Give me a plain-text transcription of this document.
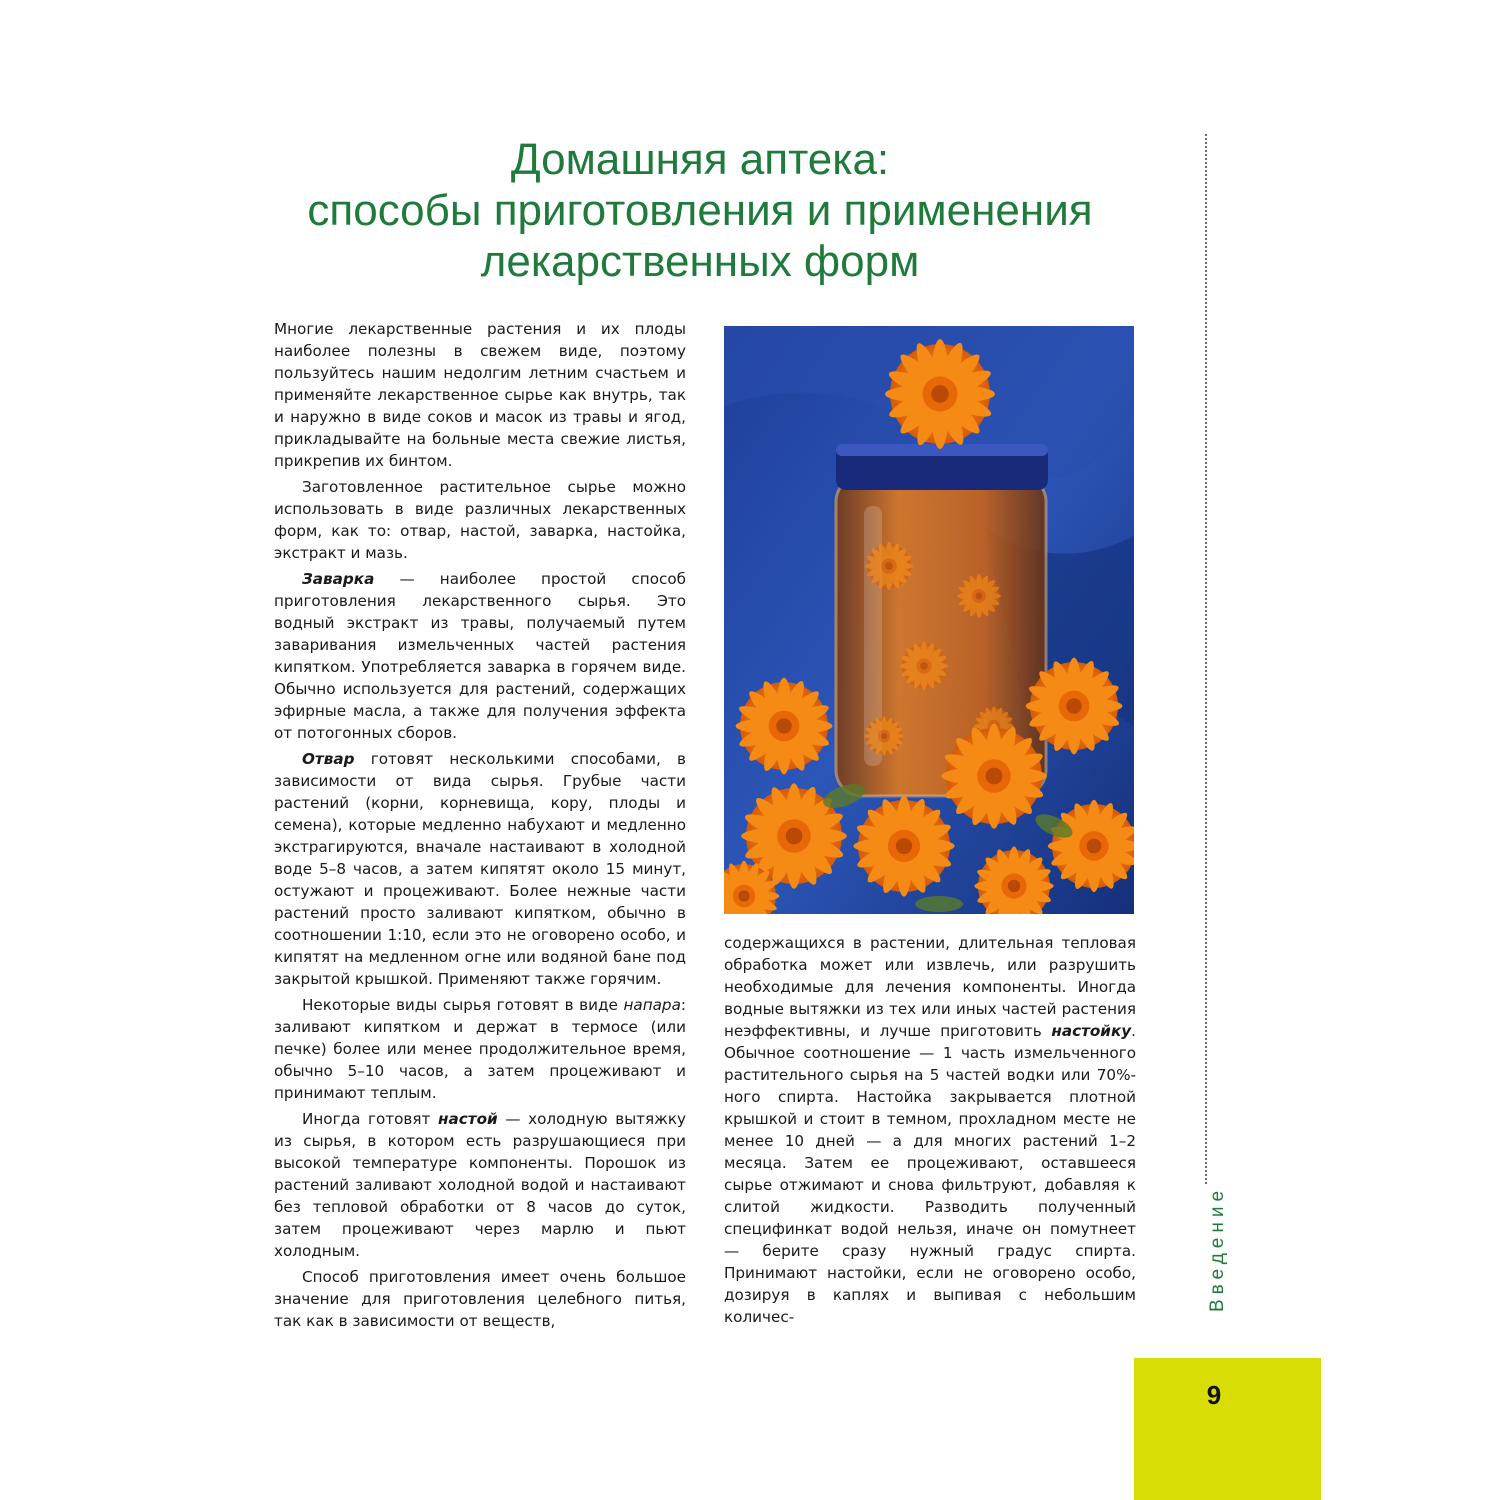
Домашняя аптека:
способы приготовления и применения
лекарственных форм

Многие лекарственные растения и их плоды наиболее полезны в свежем виде, поэтому пользуйтесь нашим недолгим летним счастьем и применяйте лекарственное сырье как внутрь, так и наружно в виде соков и масок из травы и ягод, прикладывайте на больные места свежие листья, прикрепив их бинтом.

Заготовленное растительное сырье можно использовать в виде различных лекарственных форм, как то: отвар, настой, заварка, настойка, экстракт и мазь.

Заварка — наиболее простой способ приготовления лекарственного сырья. Это водный экстракт из травы, получаемый путем заваривания измельченных частей растения кипятком. Употребляется заварка в горячем виде. Обычно используется для растений, содержащих эфирные масла, а также для получения эффекта от потогонных сборов.

Отвар готовят несколькими способами, в зависимости от вида сырья. Грубые части растений (корни, корневища, кору, плоды и семена), которые медленно набухают и медленно экстрагируются, вначале настаивают в холодной воде 5–8 часов, а затем кипятят около 15 минут, остужают и процеживают. Более нежные части растений просто заливают кипятком, обычно в соотношении 1:10, если это не оговорено особо, и кипятят на медленном огне или водяной бане под закрытой крышкой. Применяют также горячим.

Некоторые виды сырья готовят в виде напара: заливают кипятком и держат в термосе (или печке) более или менее продолжительное время, обычно 5–10 часов, а затем процеживают и принимают теплым.

Иногда готовят настой — холодную вытяжку из сырья, в котором есть разрушающиеся при высокой температуре компоненты. Порошок из растений заливают холодной водой и настаивают без тепловой обработки от 8 часов до суток, затем процеживают через марлю и пьют холодным.

Способ приготовления имеет очень большое значение для приготовления целебного питья, так как в зависимости от веществ,

содержащихся в растении, длительная тепловая обработка может или извлечь, или разрушить необходимые для лечения компоненты. Иногда водные вытяжки из тех или иных частей растения неэффективны, и лучше приготовить настойку. Обычное соотношение — 1 часть измельченного растительного сырья на 5 частей водки или 70%-ного спирта. Настойка закрывается плотной крышкой и стоит в темном, прохладном месте не менее 10 дней — а для многих растений 1–2 месяца. Затем ее процеживают, оставшееся сырье отжимают и снова фильтруют, добавляя к слитой жидкости. Разводить полученный специфинкат водой нельзя, иначе он помутнеет — берите сразу нужный градус спирта. Принимают настойки, если не оговорено особо, дозируя в каплях и выпивая с небольшим количес-

Введение
9
